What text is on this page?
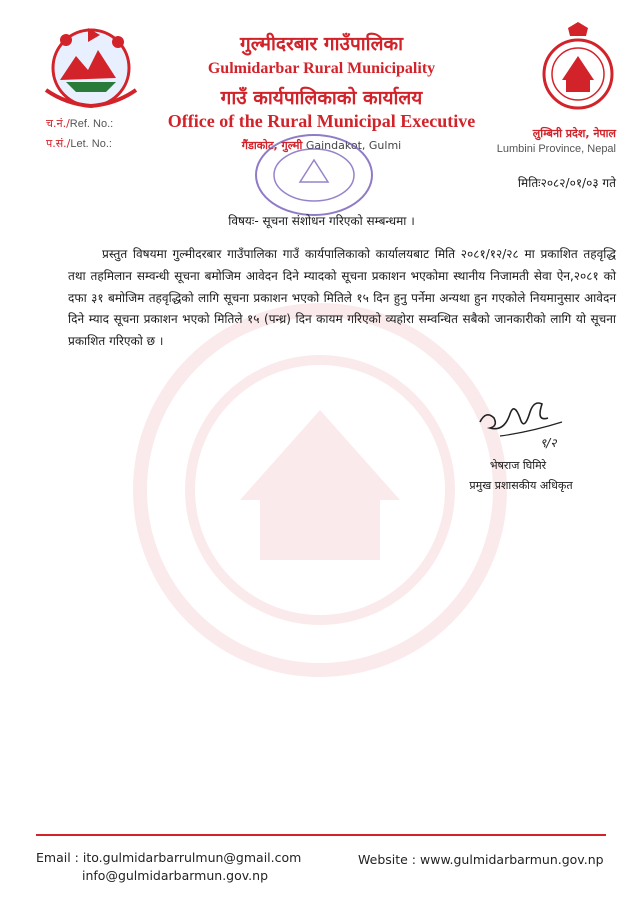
गुल्मीदरबार गाउँपालिका
Gulmidarbar Rural Municipality
गाउँ कार्यपालिकाको कार्यालय
Office of the Rural Municipal Executive
गैंडाकोट, गुल्मी Gaindakot, Gulmi
च.नं./Ref. No.:
प.सं./Let. No.:
लुम्बिनी प्रदेश, नेपाल
Lumbini Province, Nepal
मितिः२०८२/०१/०३ गते
विषयः- सूचना संशोधन गरिएको सम्बन्धमा ।
प्रस्तुत विषयमा गुल्मीदरबार गाउँपालिका गाउँ कार्यपालिकाको कार्यालयबाट मिति २०८१/१२/२८ मा प्रकाशित तहवृद्धि तथा तहमिलान सम्वन्धी सूचना बमोजिम आवेदन दिने म्यादको सूचना प्रकाशन भएकोमा स्थानीय निजामती सेवा ऐन,२०८१ को दफा ३१ बमोजिम तहवृद्धिको लागि सूचना प्रकाशन भएको मितिले १५ दिन हुनु पर्नेमा अन्यथा हुन गएकोले नियमानुसार आवेदन दिने म्याद सूचना प्रकाशन भएको मितिले १५ (पन्ध्र) दिन कायम गरिएको व्यहोरा सम्वन्धित सबैको जानकारीको लागि यो सूचना प्रकाशित गरिएको छ ।
९/२
भेषराज घिमिरे
प्रमुख प्रशासकीय अधिकृत
Email : ito.gulmidarbarrulmun@gmail.com
info@gulmidarbarmun.gov.np
Website : www.gulmidarbarmun.gov.np
